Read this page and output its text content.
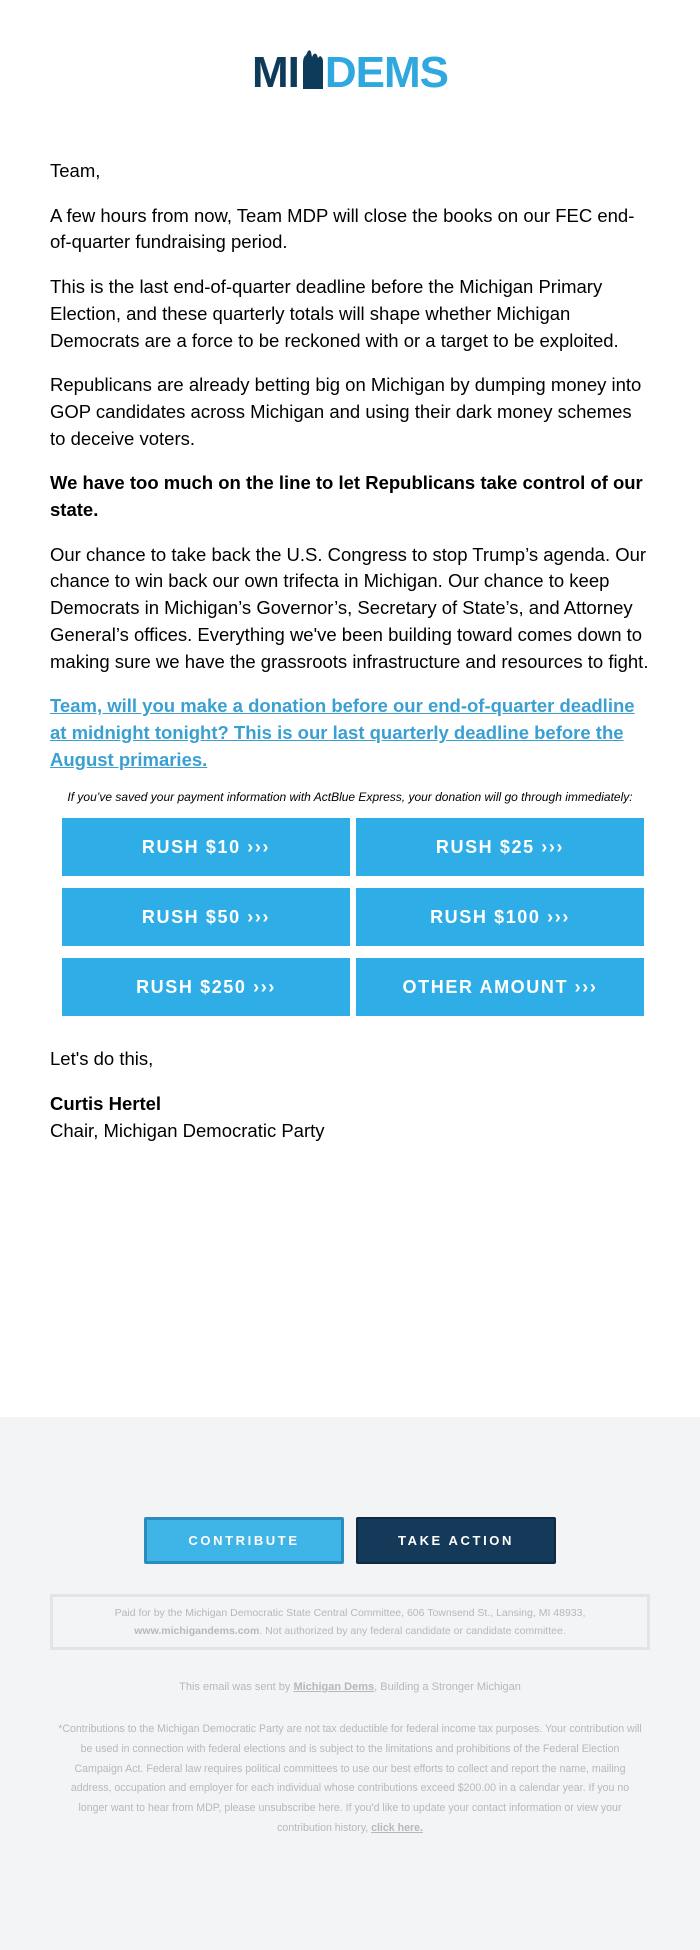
MI DEMS

Team,

A few hours from now, Team MDP will close the books on our FEC end-of-quarter fundraising period.

This is the last end-of-quarter deadline before the Michigan Primary Election, and these quarterly totals will shape whether Michigan Democrats are a force to be reckoned with or a target to be exploited.

Republicans are already betting big on Michigan by dumping money into GOP candidates across Michigan and using their dark money schemes to deceive voters.

We have too much on the line to let Republicans take control of our state.

Our chance to take back the U.S. Congress to stop Trump’s agenda. Our chance to win back our own trifecta in Michigan. Our chance to keep Democrats in Michigan’s Governor’s, Secretary of State’s, and Attorney General’s offices. Everything we've been building toward comes down to making sure we have the grassroots infrastructure and resources to fight.

Team, will you make a donation before our end-of-quarter deadline at midnight tonight? This is our last quarterly deadline before the August primaries.
If you’ve saved your payment information with ActBlue Express, your donation will go through immediately:
RUSH $10 ›››	RUSH $25 ›››
RUSH $50 ›››	RUSH $100 ›››
RUSH $250 ›››	OTHER AMOUNT ›››

Let's do this,

Curtis Hertel
Chair, Michigan Democratic Party
CONTRIBUTE	TAKE ACTION
Paid for by the Michigan Democratic State Central Committee, 606 Townsend St., Lansing, MI 48933,
www.michigandems.com. Not authorized by any federal candidate or candidate committee.
This email was sent by Michigan Dems, Building a Stronger Michigan
*Contributions to the Michigan Democratic Party are not tax deductible for federal income tax purposes. Your contribution will be used in connection with federal elections and is subject to the limitations and prohibitions of the Federal Election Campaign Act. Federal law requires political committees to use our best efforts to collect and report the name, mailing address, occupation and employer for each individual whose contributions exceed $200.00 in a calendar year. If you no longer want to hear from MDP, please unsubscribe here. If you'd like to update your contact information or view your contribution history, click here.
